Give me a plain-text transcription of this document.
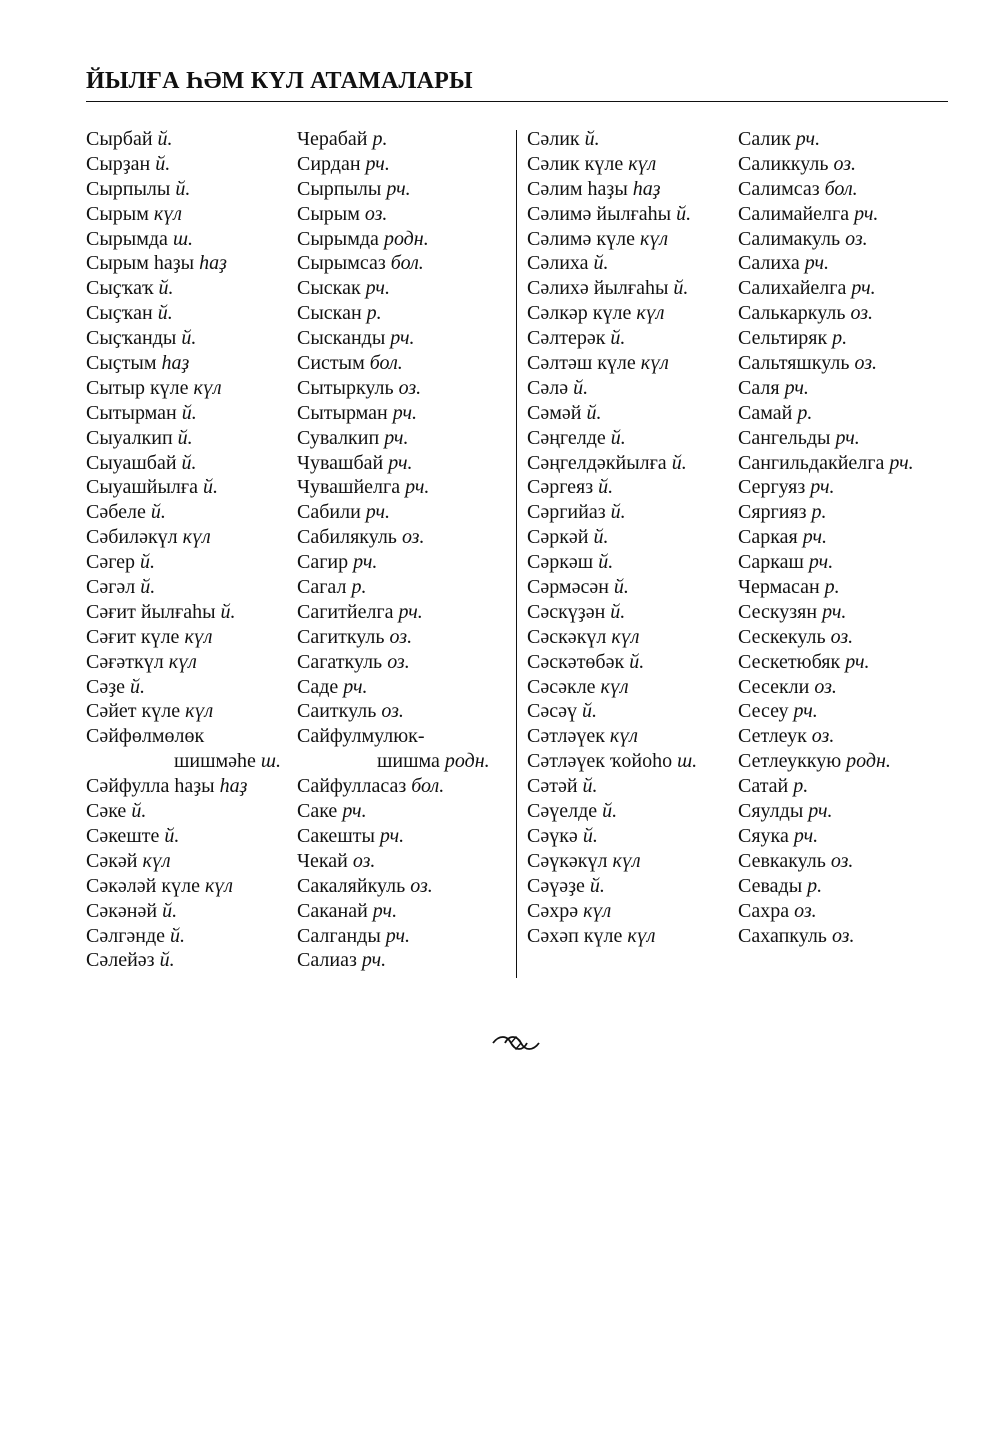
ЙЫЛҒА ҺӘМ КҮЛ АТАМАЛАРЫ
Сырбай й.
Сырҙан й.
Сырпылы й.
Сырым күл
Сырымда ш.
Сырым һаҙы һаҙ
Сыҫҡаҡ й.
Сыҫҡан й.
Сыҫҡанды й.
Сыҫтым һаҙ
Сытыр күле күл
Сытырман й.
Сыуалкип й.
Сыуашбай й.
Сыуашйылға й.
Сәбеле й.
Сәбиләкүл күл
Сәгер й.
Сәгәл й.
Сәғит йылғаһы й.
Сәғит күле күл
Сәғәткүл күл
Сәҙе й.
Сәйет күле күл
Сәйфөлмөлөк
шишмәһе ш.
Сәйфулла һаҙы һаҙ
Сәке й.
Сәкеште й.
Сәкәй күл
Сәкәләй күле күл
Сәкәнәй й.
Сәлгәнде й.
Сәлейәз й.
Черабай р.
Сирдан рч.
Сырпылы рч.
Сырым оз.
Сырымда родн.
Сырымсаз бол.
Сыскак рч.
Сыскан р.
Сысканды рч.
Систым бол.
Сытыркуль оз.
Сытырман рч.
Сувалкип рч.
Чувашбай рч.
Чувашйелга рч.
Сабили рч.
Сабилякуль оз.
Сагир рч.
Сагал р.
Сагитйелга рч.
Сагиткуль оз.
Сагаткуль оз.
Саде рч.
Саиткуль оз.
Сайфулмулюк-
шишма родн.
Сайфулласаз бол.
Саке рч.
Сакешты рч.
Чекай оз.
Сакаляйкуль оз.
Саканай рч.
Салганды рч.
Салиаз рч.
Сәлик й.
Сәлик күле күл
Сәлим һаҙы һаҙ
Сәлимә йылғаһы й.
Сәлимә күле күл
Сәлиха й.
Сәлихә йылғаһы й.
Сәлкәр күле күл
Сәлтерәк й.
Сәлтәш күле күл
Сәлә й.
Сәмәй й.
Сәңгелде й.
Сәңгелдәкйылға й.
Сәргеяз й.
Сәргийаз й.
Сәркәй й.
Сәркәш й.
Сәрмәсән й.
Сәскүҙән й.
Сәскәкүл күл
Сәскәтөбәк й.
Сәсәкле күл
Сәсәү й.
Сәтләүек күл
Сәтләүек ҡойоһо ш.
Сәтәй й.
Сәүелде й.
Сәүкә й.
Сәүкәкүл күл
Сәүәҙе й.
Сәхрә күл
Сәхәп күле күл
Салик рч.
Саликкуль оз.
Салимсаз бол.
Салимайелга рч.
Салимакуль оз.
Салиха рч.
Салихайелга рч.
Салькаркуль оз.
Сельтиряк р.
Сальтяшкуль оз.
Саля рч.
Самай р.
Сангельды рч.
Сангильдакйелга рч.
Сергуяз рч.
Сяргияз р.
Саркая рч.
Саркаш рч.
Чермасан р.
Сескузян рч.
Сескекуль оз.
Сескетюбяк рч.
Сесекли оз.
Сесеу рч.
Сетлеук оз.
Сетлеуккую родн.
Сатай р.
Сяулды рч.
Сяука рч.
Севкакуль оз.
Севады р.
Сахра оз.
Сахапкуль оз.
